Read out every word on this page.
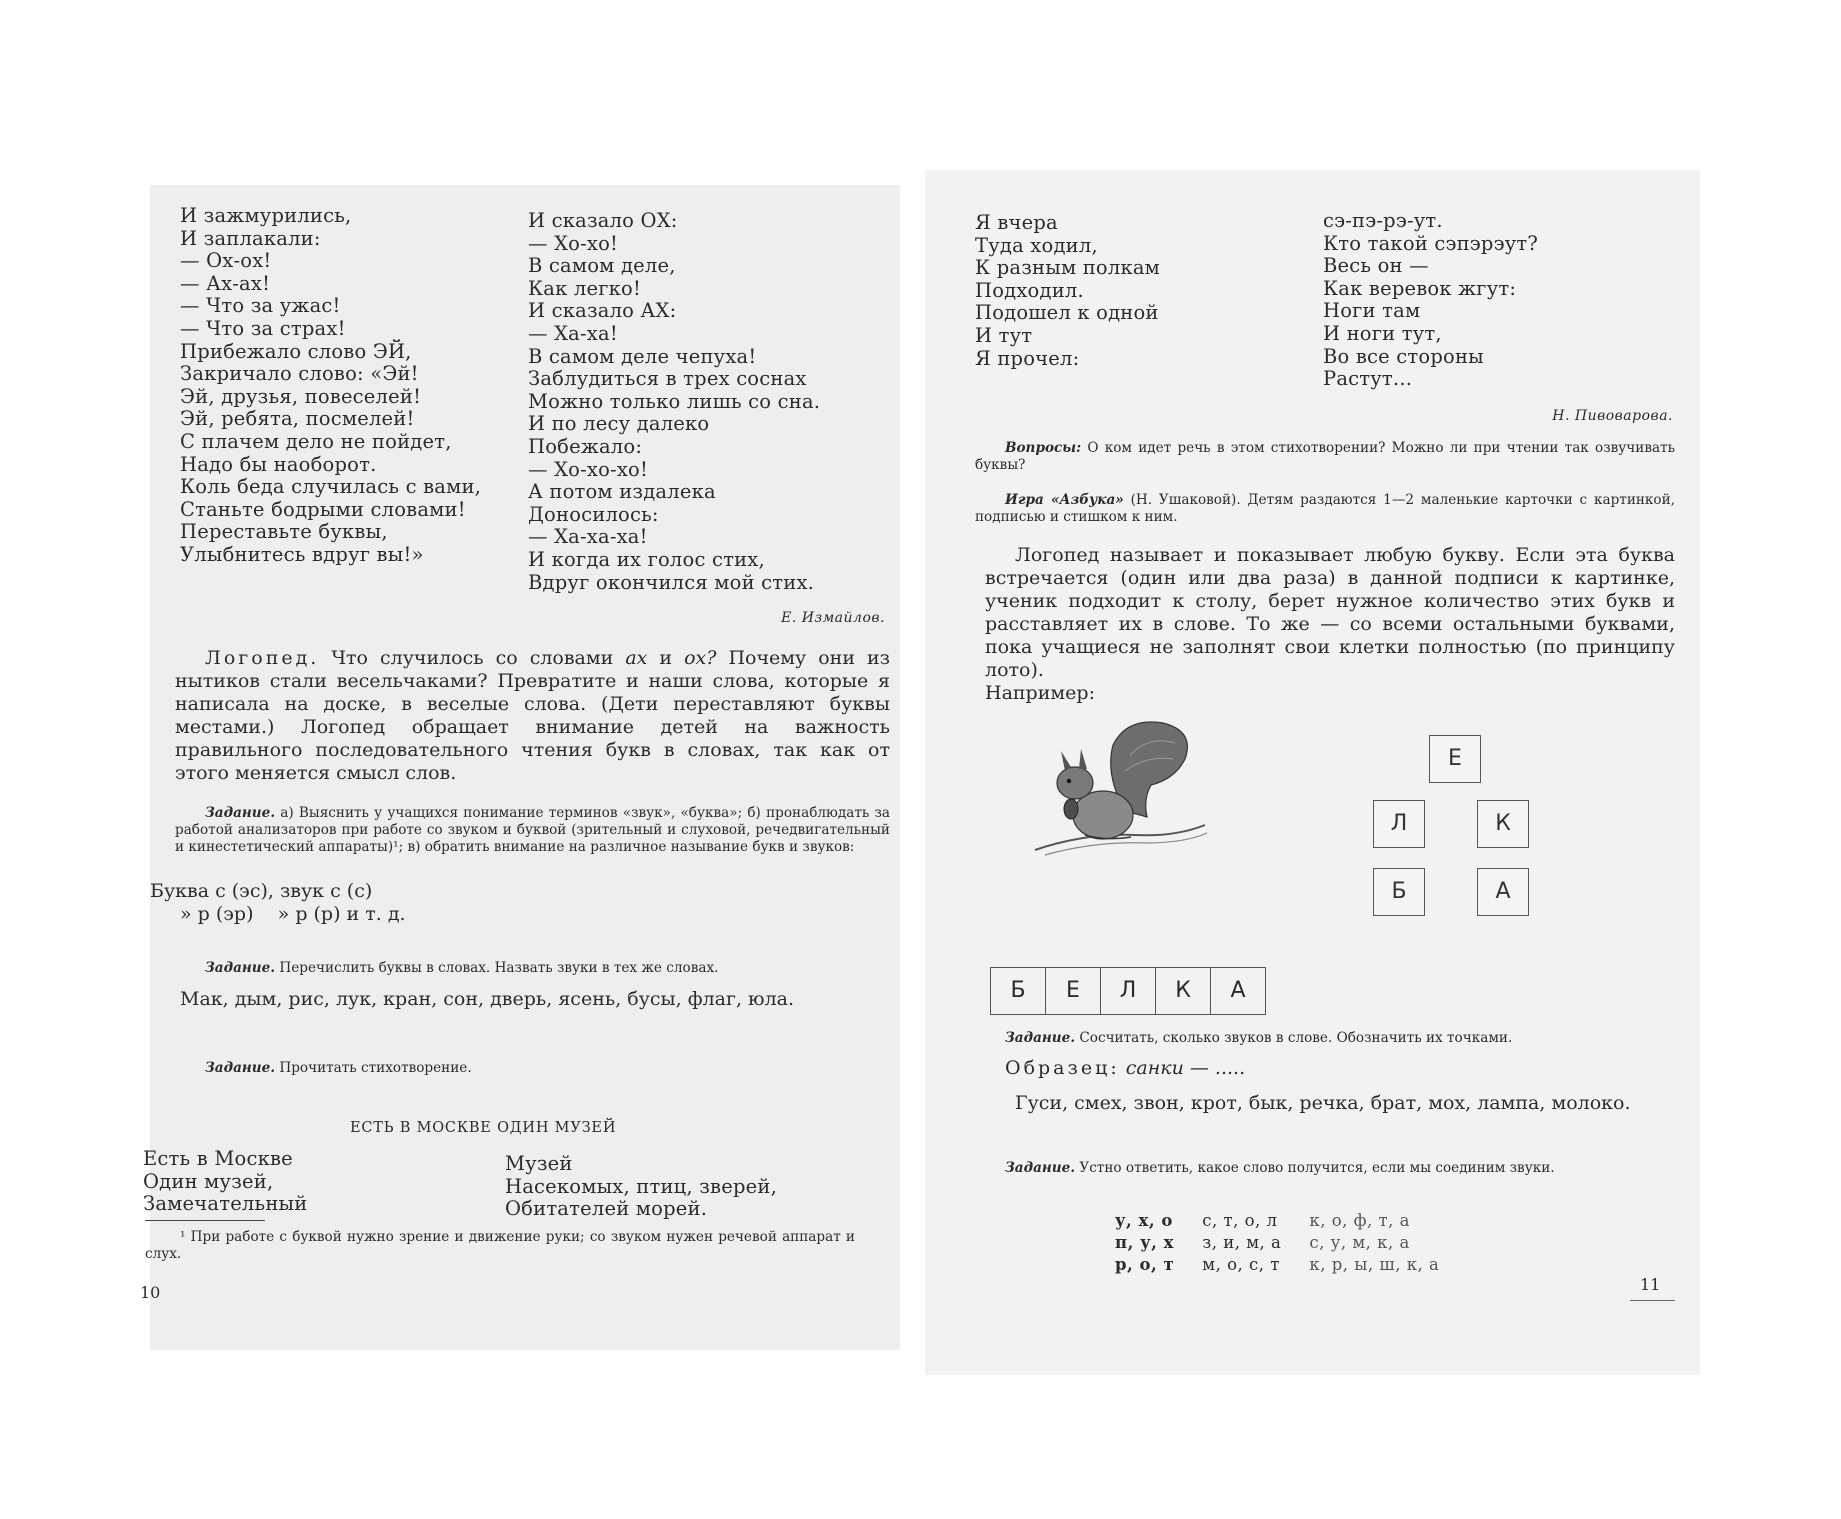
И зажмурились,
И заплакали:
— Ох-ох!
— Ах-ах!
— Что за ужас!
— Что за страх!
Прибежало слово ЭЙ,
Закричало слово: «Эй!
Эй, друзья, повеселей!
Эй, ребята, посмелей!
С плачем дело не пойдет,
Надо бы наоборот.
Коль беда случилась с вами,
Станьте бодрыми словами!
Переставьте буквы,
Улыбнитесь вдруг вы!»
И сказало ОХ:
— Хо-хо!
В самом деле,
Как легко!
И сказало АХ:
— Ха-ха!
В самом деле чепуха!
Заблудиться в трех соснах
Можно только лишь со сна.
И по лесу далеко
Побежало:
— Хо-хо-хо!
А потом издалека
Доносилось:
— Ха-ха-ха!
И когда их голос стих,
Вдруг окончился мой стих.
Е. Измайлов.
Логопед. Что случилось со словами ах и ох? Почему они из нытиков стали весельчаками? Превратите и наши слова, которые я написала на доске, в веселые слова. (Дети переставляют буквы местами.) Логопед обращает внимание детей на важность правильного последовательного чтения букв в словах, так как от этого меняется смысл слов.
Задание. а) Выяснить у учащихся понимание терминов «звук», «буква»; б) пронаблюдать за работой анализаторов при работе со звуком и буквой (зрительный и слуховой, речедвигательный и кинестетический аппараты)¹; в) обратить внимание на различное называние букв и звуков:
Буква с (эс), звук с (с)
» р (эр)    » р (р) и т. д.
Задание. Перечислить буквы в словах. Назвать звуки в тех же словах.
Мак, дым, рис, лук, кран, сон, дверь, ясень, бусы, флаг, юла.
Задание. Прочитать стихотворение.
ЕСТЬ В МОСКВЕ ОДИН МУЗЕЙ
Есть в Москве
Один музей,
Замечательный
Музей
Насекомых, птиц, зверей,
Обитателей морей.
¹ При работе с буквой нужно зрение и движение руки; со звуком нужен речевой аппарат и слух.
10
Я вчера
Туда ходил,
К разным полкам
Подходил.
Подошел к одной
И тут
Я прочел:
сэ-пэ-рэ-ут.
Кто такой сэпэрэут?
Весь он —
Как веревок жгут:
Ноги там
И ноги тут,
Во все стороны
Растут...
Н. Пивоварова.
Вопросы: О ком идет речь в этом стихотворении? Можно ли при чтении так озвучивать буквы?
Игра «Азбука» (Н. Ушаковой). Детям раздаются 1—2 маленькие карточки с картинкой, подписью и стишком к ним.
Логопед называет и показывает любую букву. Если эта буква встречается (один или два раза) в данной подписи к картинке, ученик подходит к столу, берет нужное количество этих букв и расставляет их в слове. То же — со всеми остальными буквами, пока учащиеся не заполнят свои клетки полностью (по принципу лото).
Например:
Е
Л	К
Б	А
Б	Е	Л	К	А
Задание. Сосчитать, сколько звуков в слове. Обозначить их точками.
Образец: санки — .....
Гуси, смех, звон, крот, бык, речка, брат, мох, лампа, молоко.
Задание. Устно ответить, какое слово получится, если мы соединим звуки.
у, х, о	с, т, о, л	к, о, ф, т, а
п, у, х	з, и, м, а	с, у, м, к, а
р, о, т	м, о, с, т	к, р, ы, ш, к, а
11
